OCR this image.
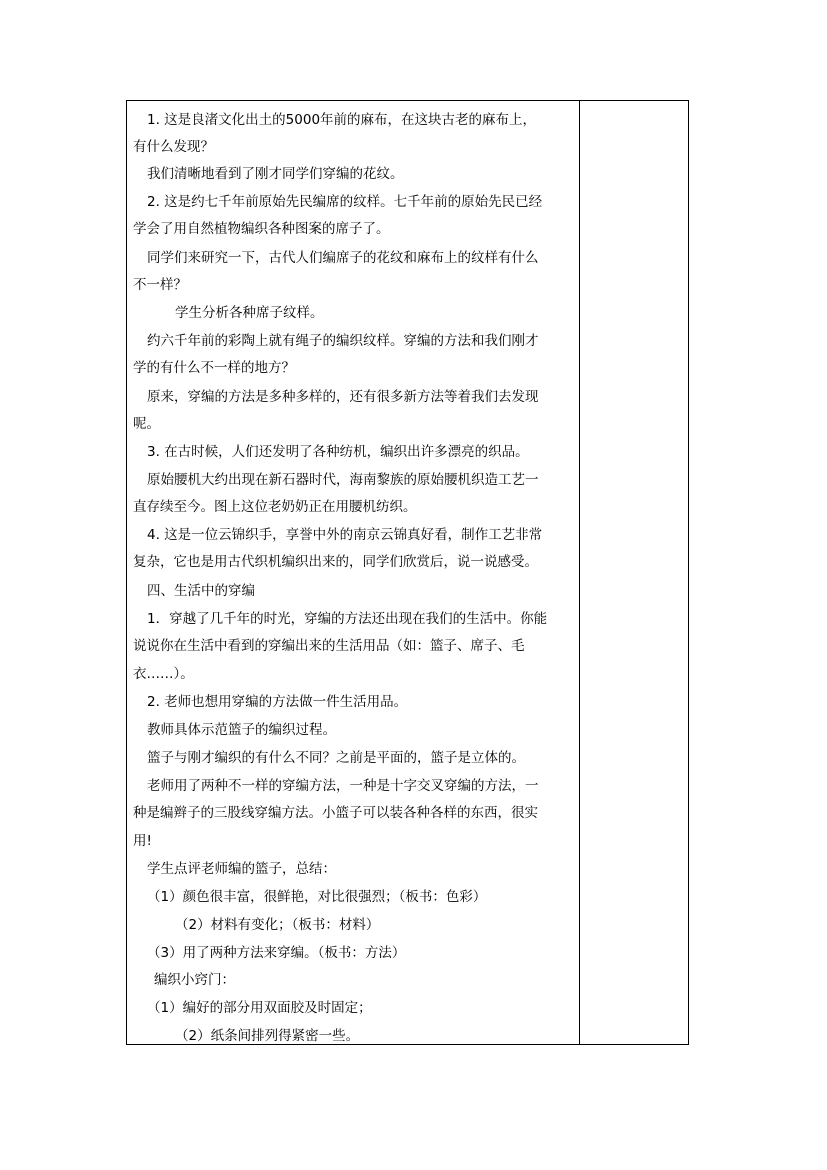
1. 这是良渚文化出土的5000年前的麻布，在这块古老的麻布上，
有什么发现？
我们清晰地看到了刚才同学们穿编的花纹。
2. 这是约七千年前原始先民编席的纹样。七千年前的原始先民已经
学会了用自然植物编织各种图案的席子了。
同学们来研究一下，古代人们编席子的花纹和麻布上的纹样有什么
不一样？
学生分析各种席子纹样。
约六千年前的彩陶上就有绳子的编织纹样。穿编的方法和我们刚才
学的有什么不一样的地方？
原来，穿编的方法是多种多样的，还有很多新方法等着我们去发现
呢。
3. 在古时候，人们还发明了各种纺机，编织出许多漂亮的织品。
原始腰机大约出现在新石器时代，海南黎族的原始腰机织造工艺一
直存续至今。图上这位老奶奶正在用腰机纺织。
4. 这是一位云锦织手，享誉中外的南京云锦真好看，制作工艺非常
复杂，它也是用古代织机编织出来的，同学们欣赏后，说一说感受。
四、生活中的穿编
1．穿越了几千年的时光，穿编的方法还出现在我们的生活中。你能
说说你在生活中看到的穿编出来的生活用品（如：篮子、席子、毛
衣……）。
2. 老师也想用穿编的方法做一件生活用品。
教师具体示范篮子的编织过程。
篮子与刚才编织的有什么不同？之前是平面的，篮子是立体的。
老师用了两种不一样的穿编方法，一种是十字交叉穿编的方法，一
种是编辫子的三股线穿编方法。小篮子可以装各种各样的东西，很实
用!
学生点评老师编的篮子，总结：
（1）颜色很丰富，很鲜艳，对比很强烈；（板书：色彩）
（2）材料有变化；（板书：材料）
（3）用了两种方法来穿编。（板书：方法）
编织小窍门：
（1）编好的部分用双面胶及时固定；
（2）纸条间排列得紧密一些。
